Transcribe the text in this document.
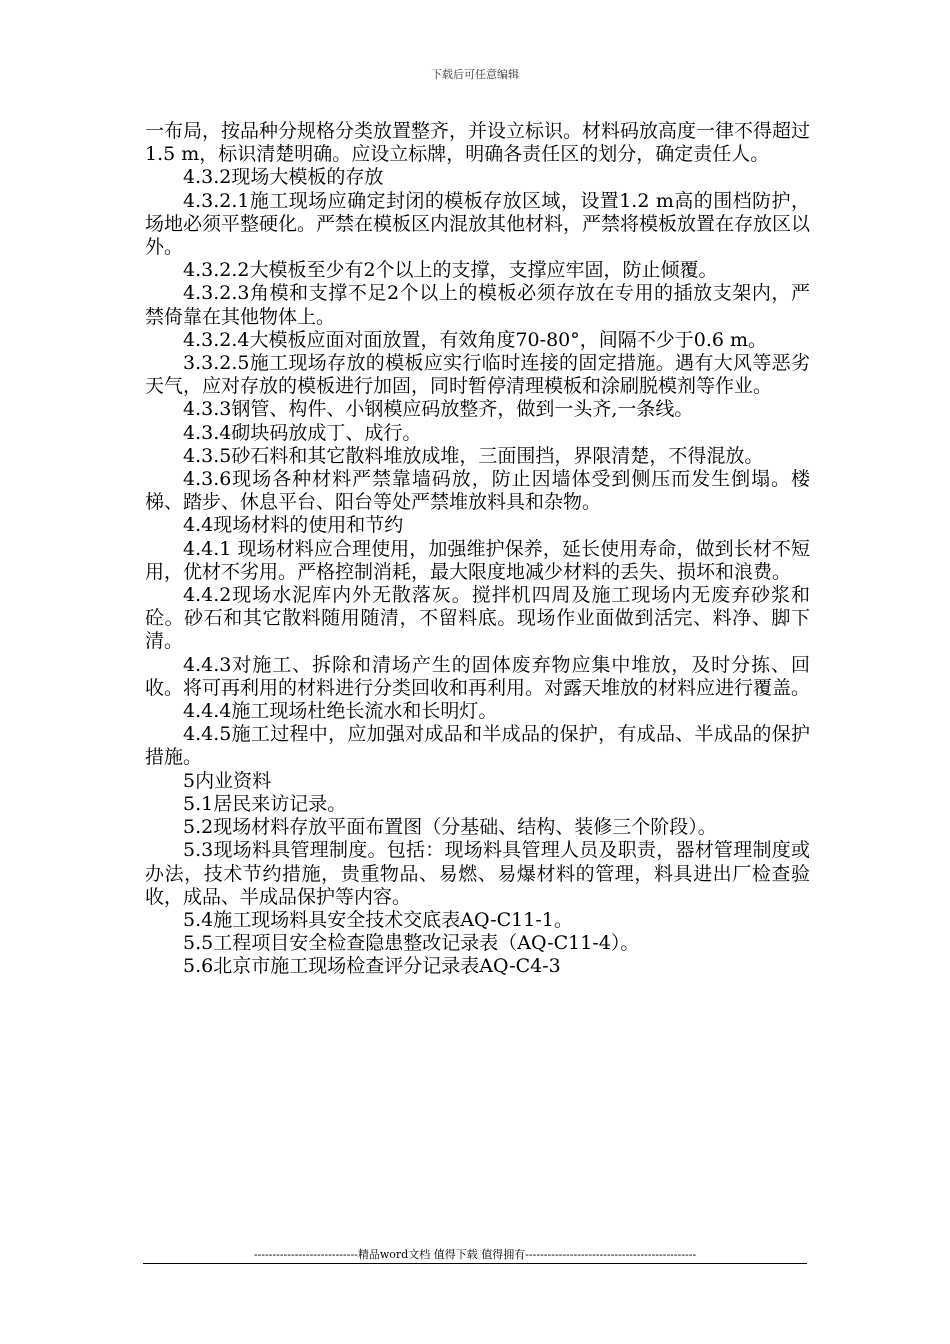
下载后可任意编辑

一布局，按品种分规格分类放置整齐，并设立标识。材料码放高度一律不得超过1.5 m，标识清楚明确。应设立标牌，明确各责任区的划分，确定责任人。

4.3.2现场大模板的存放

4.3.2.1施工现场应确定封闭的模板存放区域，设置1.2 m高的围档防护，场地必须平整硬化。严禁在模板区内混放其他材料，严禁将模板放置在存放区以外。

4.3.2.2大模板至少有2个以上的支撑，支撑应牢固，防止倾覆。

4.3.2.3角模和支撑不足2个以上的模板必须存放在专用的插放支架内，严禁倚靠在其他物体上。

4.3.2.4大模板应面对面放置，有效角度70-80°，间隔不少于0.6 m。

3.3.2.5施工现场存放的模板应实行临时连接的固定措施。遇有大风等恶劣天气，应对存放的模板进行加固，同时暂停清理模板和涂刷脱模剂等作业。

4.3.3钢管、构件、小钢模应码放整齐，做到一头齐,一条线。

4.3.4砌块码放成丁、成行。

4.3.5砂石料和其它散料堆放成堆，三面围挡，界限清楚，不得混放。

4.3.6现场各种材料严禁靠墙码放，防止因墙体受到侧压而发生倒塌。楼梯、踏步、休息平台、阳台等处严禁堆放料具和杂物。

4.4现场材料的使用和节约

4.4.1 现场材料应合理使用，加强维护保养，延长使用寿命，做到长材不短用，优材不劣用。严格控制消耗，最大限度地减少材料的丢失、损坏和浪费。

4.4.2现场水泥库内外无散落灰。搅拌机四周及施工现场内无废弃砂浆和砼。砂石和其它散料随用随清，不留料底。现场作业面做到活完、料净、脚下清。

4.4.3对施工、拆除和清场产生的固体废弃物应集中堆放，及时分拣、回收。将可再利用的材料进行分类回收和再利用。对露天堆放的材料应进行覆盖。

4.4.4施工现场杜绝长流水和长明灯。

4.4.5施工过程中，应加强对成品和半成品的保护，有成品、半成品的保护措施。

5内业资料

5.1居民来访记录。

5.2现场材料存放平面布置图（分基础、结构、装修三个阶段）。

5.3现场料具管理制度。包括：现场料具管理人员及职责，器材管理制度或办法，技术节约措施，贵重物品、易燃、易爆材料的管理，料具进出厂检查验收，成品、半成品保护等内容。

5.4施工现场料具安全技术交底表AQ-C11-1。

5.5工程项目安全检查隐患整改记录表（AQ-C11-4）。

5.6北京市施工现场检查评分记录表AQ-C4-3

----------------------------精品word文档 值得下载 值得拥有----------------------------------------------
